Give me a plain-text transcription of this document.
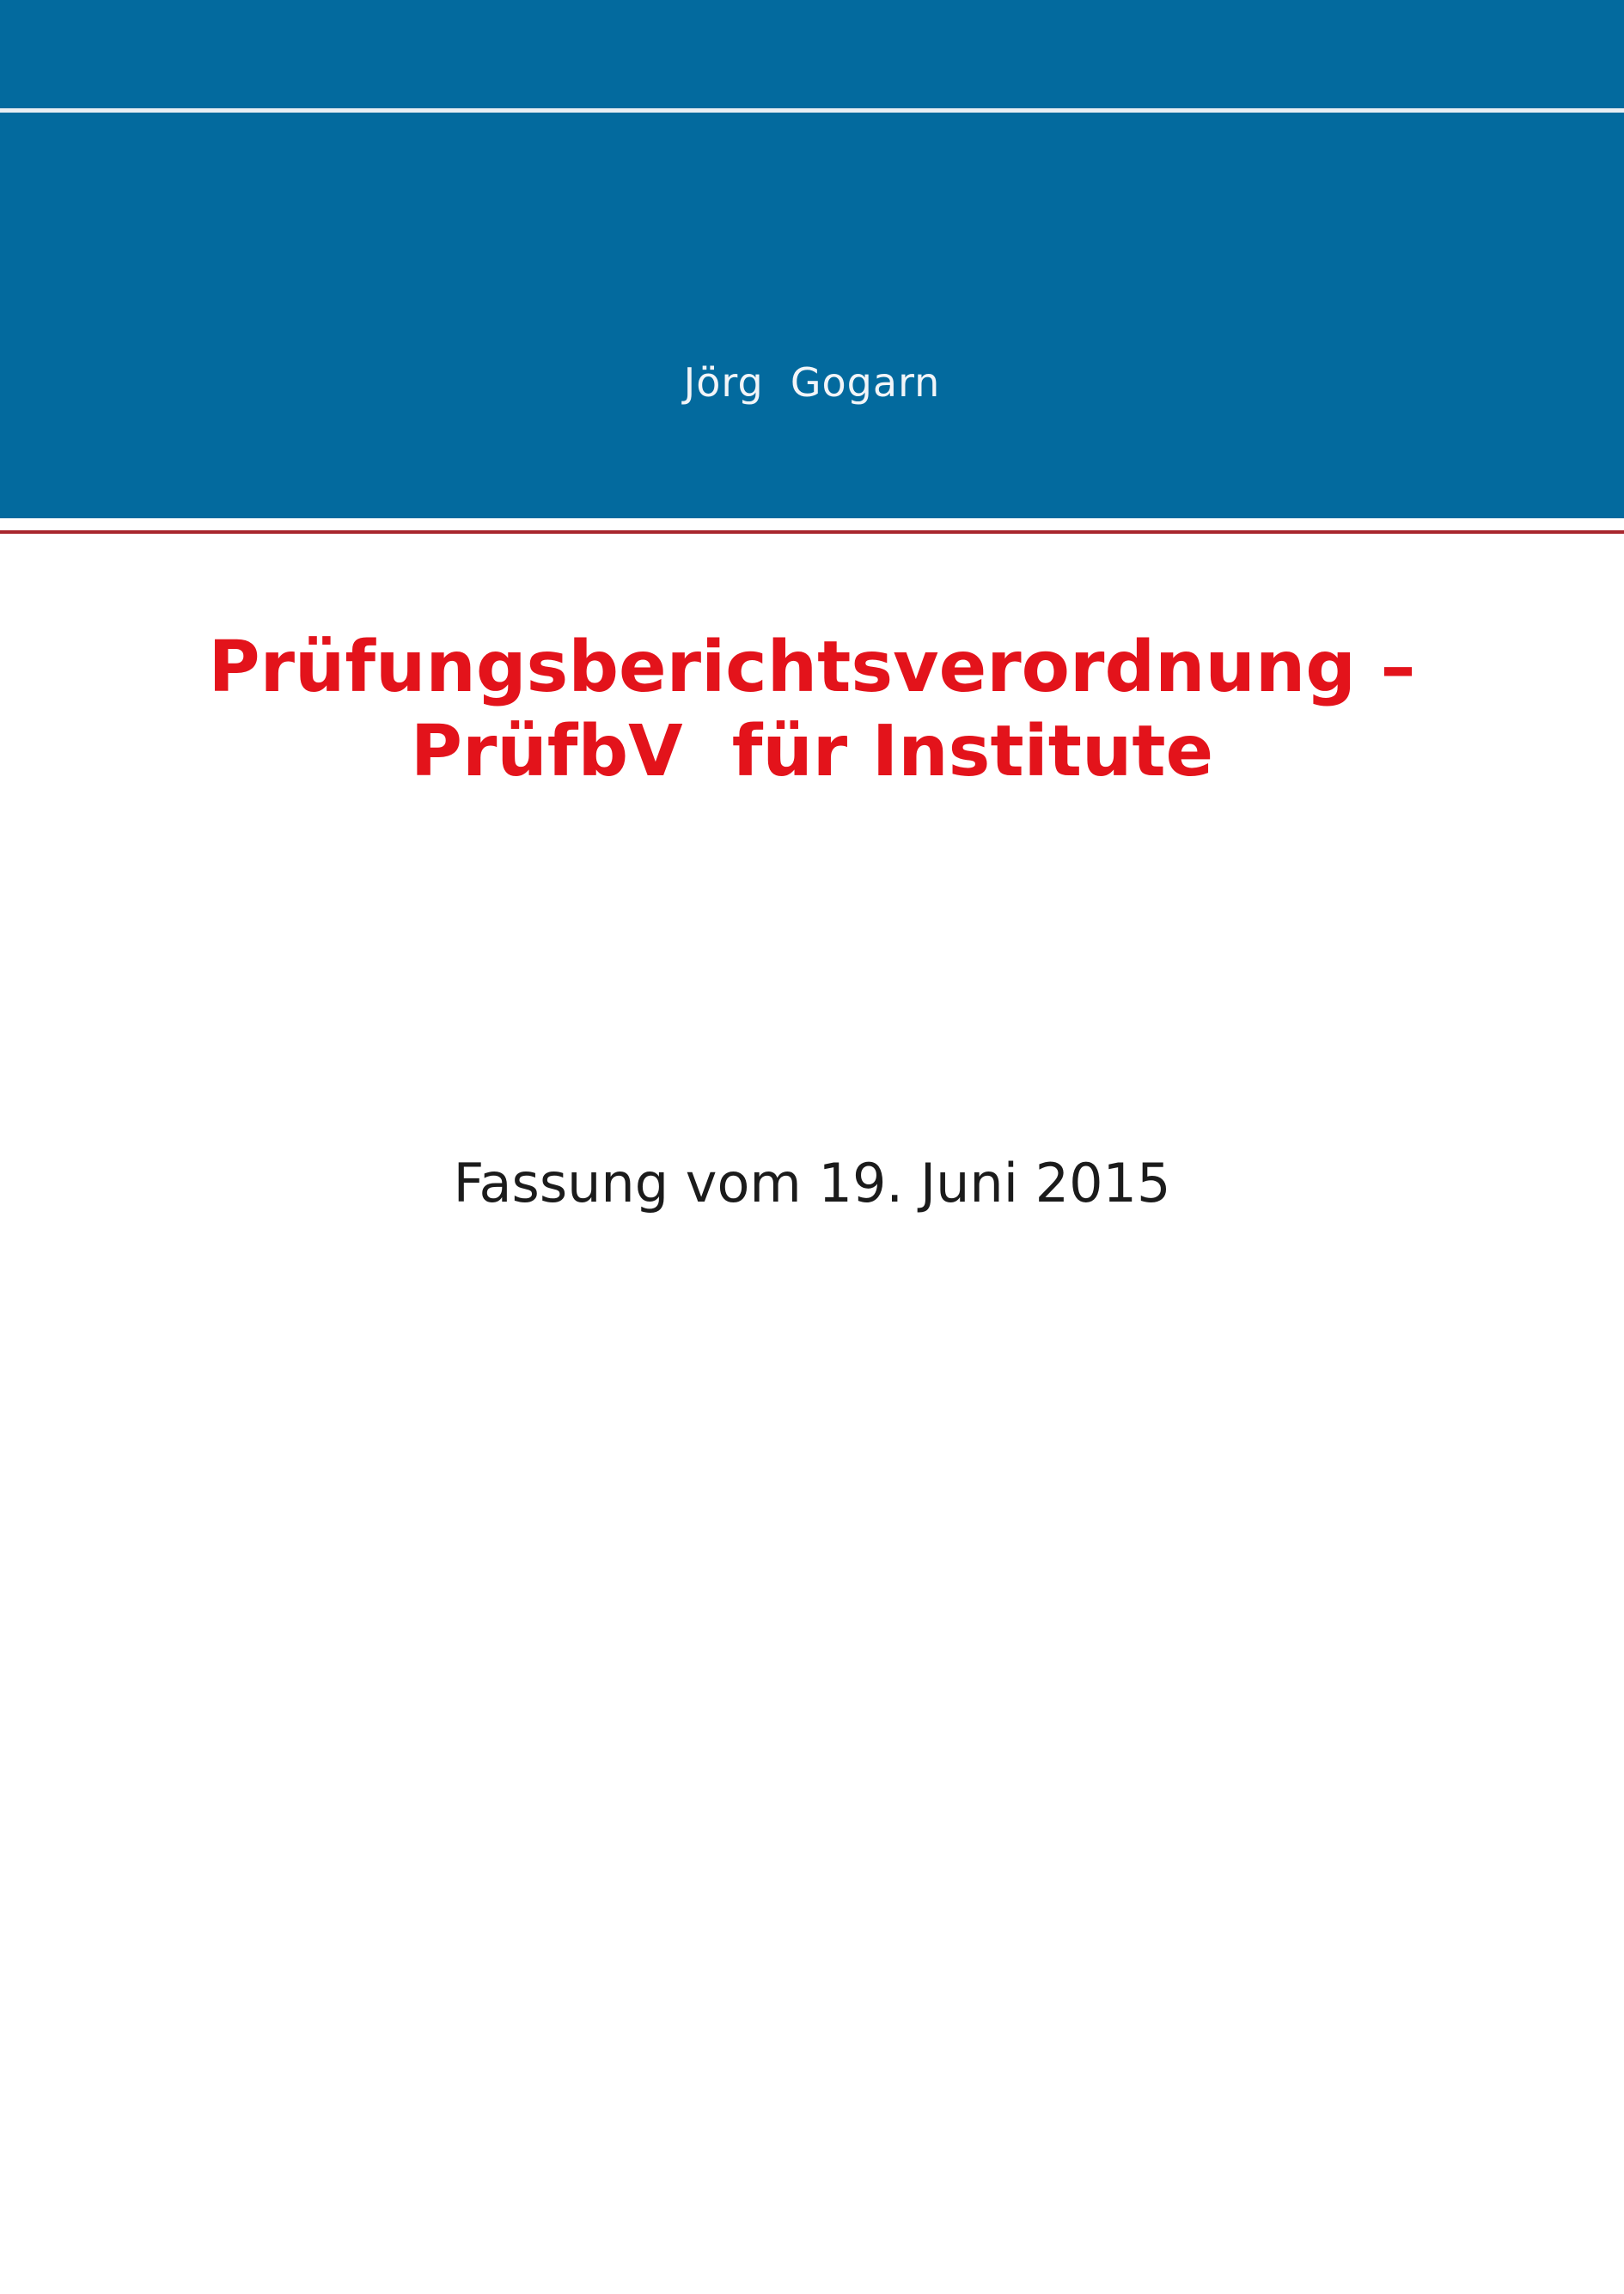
Jörg  Gogarn
Prüfungsberichtsverordnung –
PrüfbV  für Institute
Fassung vom 19. Juni 2015
